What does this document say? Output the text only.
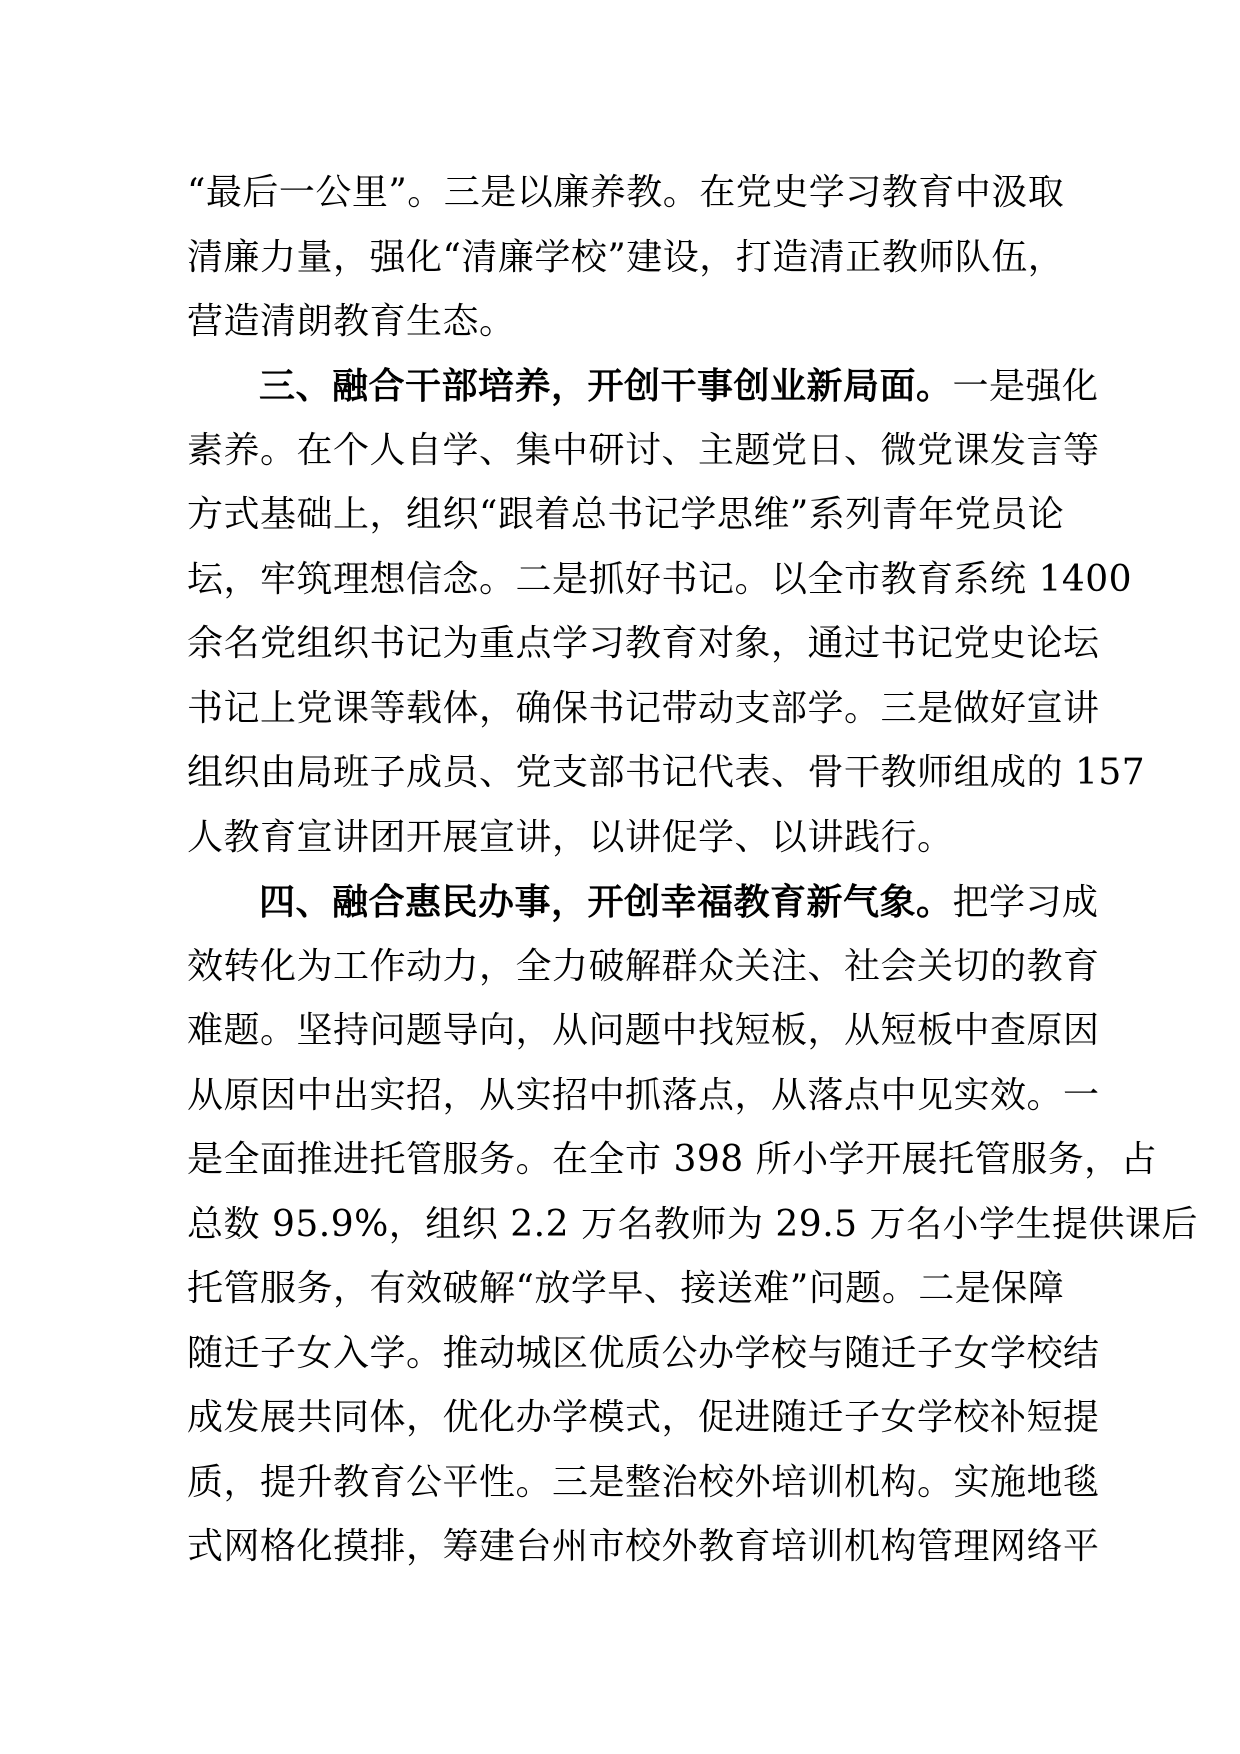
“最后一公里”。三是以廉养教。在党史学习教育中汲取
清廉力量，强化“清廉学校”建设，打造清正教师队伍，
营造清朗教育生态。
三、融合干部培养，开创干事创业新局面。一是强化
素养。在个人自学、集中研讨、主题党日、微党课发言等
方式基础上，组织“跟着总书记学思维”系列青年党员论
坛，牢筑理想信念。二是抓好书记。以全市教育系统 1400
余名党组织书记为重点学习教育对象，通过书记党史论坛
书记上党课等载体，确保书记带动支部学。三是做好宣讲
组织由局班子成员、党支部书记代表、骨干教师组成的 157
人教育宣讲团开展宣讲，以讲促学、以讲践行。
四、融合惠民办事，开创幸福教育新气象。把学习成
效转化为工作动力，全力破解群众关注、社会关切的教育
难题。坚持问题导向，从问题中找短板，从短板中查原因
从原因中出实招，从实招中抓落点，从落点中见实效。一
是全面推进托管服务。在全市 398 所小学开展托管服务，占
总数 95.9%，组织 2.2 万名教师为 29.5 万名小学生提供课后
托管服务，有效破解“放学早、接送难”问题。二是保障
随迁子女入学。推动城区优质公办学校与随迁子女学校结
成发展共同体，优化办学模式，促进随迁子女学校补短提
质，提升教育公平性。三是整治校外培训机构。实施地毯
式网格化摸排，筹建台州市校外教育培训机构管理网络平
